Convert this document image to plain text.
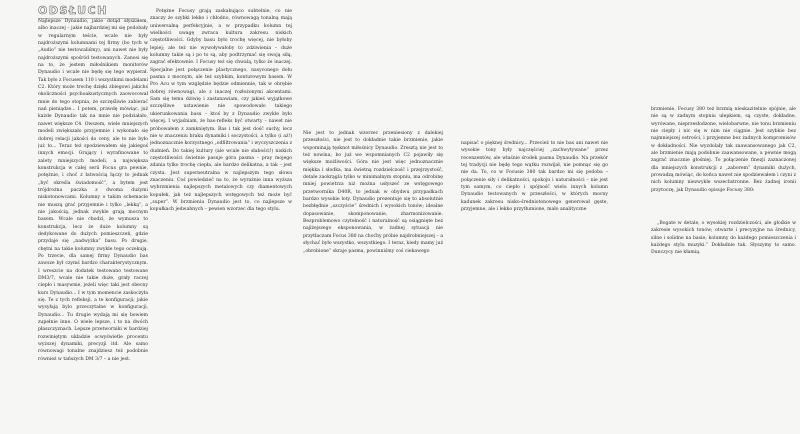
ODSŁUCH

Najlepsze Dynaudio, jakie dotąd słyszałem, albo inaczej – jakie najbardziej mi się podobały w regularnym teście, wcale nie były najdroższymi kolumnami tej firmy (bo tych w „Audio” nie testowaliśmy), ani nawet nie były najdroższymi spośród testowanych. Zanosi się na to, że jestem miłośnikiem monitorów Dynaudio i wcale nie będę się tego wypierał. Tak było z Focusem 110 i wszystkimi modelami C2. Który może trochę dzięki zbiegowi jakichś okoliczności psychoakustycznych zaowocował mnie do tego stopnia, że szczęśliwie zabierać nań pieniądze... I potem, prawdę mówiąc, już każde Dynaudio tak na mnie nie podziałało, nawet większe C4. Owszem, wiele mniejszych modeli zwiększało przyjemnie i wykonało się dobrej relacji jakości do ceny, ale to nie było już to... Teraz też spodziewałem się jakiegoś innych emocji. Grający i wyrafinowane to zalety mniejszych modeli, a największa konstrukcja w całej serii Focus gra pewnie, potężnie, i choć z łatwością łączy to jednak „być określa świadomość”, a bytem jest trójdrożna paczka z dwoma dużymi niskotonowcami. Kolumny o takim schemacie nie muszą grać przyjemnie i tylko „lekką”, a nie jakością, jednak zwykle grają mocnym basem. Wcale nie chodzi, że wymusza to konstrukcja, lecz że duże kolumny są dedykowane do dużych pomieszczeń, gdzie przydaje się „nadwyżka” basu. Po drugie, chętni na takie kolumny zwykle tego oczekują. Po trzecie, dla samej firmy Dynaudio bas zawsze był czymś bardzo charakterystycznym. I wreszcie na dodatek testowano testowane DM3/7, wcale nie takie duże, grały raczej ciepło i masywnie, jeżeli więc taki jest obecny kurs Dynaudio... I w tym momencie zaskoczyła się. Te z tych refleksji, a te konfiguracji; jakie wysyłają bylo przeczytalne w konfiguracji, Dynaudio... Tu drugie wydają mi się bowiem zupełnie inne. O wiele lepsze, i to na dwóch płaszczyznach. Lepsze przetworniki w bardziej rozwiniętym układzie ocwyświetle procentu wyższej dynamiki, precyzji itd. Ale samo równowagi tonalne znajdziesz też podobnie również w tańszych DM 3/7 – a nie jest.

Potężne Focusy grają zaskakująco subtelnie, co nie znaczy że szybki lekko i chłodno, równowagą tonalną mają uniwersalną perfekcyjnie, a w przypadku kolumn tej wielkości uwagę zwraca kultura zakresu niskich częstotliwości. Gdyby basu było trochę więcej, nie byłoby lepiej; ale też nie wywoływałoby to zdziwienia – duże kolumny takie są i po to są, aby podtrzymać się swoją siłą, zagrać efektownie. I Focusy też się chwalą, tylko że inaczej. Specjalne jest połączenie plastycznego, nasyconego dołu pasma z mocnym, ale też szybkim, konturowym basem. W Pro Acu w tym względzie będzie odmiennie, tak w obrębie dobrej równowagi, ale z inaczej rozłożonymi akcentami. Sam się temu dziwię i zastanawiam, czy jakieś wyjątkowe szczęśliwe ustawienie nie spowodowało takiego ukierunkowania basu – ktoś by z Dynaudio zwykle było więcej. I wyjaśniam, że bas-refleks być otwarty – nawet nie próbowałem z zamkniętym. Bas i tak jest dość suchy, lecz nie w znaczeniu braku dynamiki i soczystości, a tylko (i aż!) jednoznacznie korzystnego „odfiltrowania” i wyczyszczenia z dudnień. Do takiej kultury (ale wcale nie słabości!) niskich częstotliwości świetnie pasuje góra pasma – pray mojego zdania tylko trochę ciepła, ale bardzo delikatna, a tak – jest czysta. Jest superneutralna w najlepszym tego słowa znaczeniu. Coś powiedzieć na to, że wyrażnie inna wyższa wybrzmienia najlepszych metalowych czy diamentowych kopułek, jak też najlepszych wstęgowych też może być „super”. W brzmieniu Dynaudio jest to, co najlepsze w kopułkach jedwabnych – pewien wzorzec dla tego stylu.

Nie jest to jednak wzorzec przeniesiony z dalekiej przeszłości, nie jest to dokładnie takie brzmienie, jakie wspominają tęsknot miłośnicy Dynaudio. Zresztą nie jest to też nowina; bo już we wspomnianych C2 pojawiły się większe możliwości. Góra nie jest więc jednoznacznie miękka i słodka, ma świetną rozdzielczość i przejrzystość, detale zaokrągla tylko w minimalnym stopniu, ma odrobinę mniej powietrza niż można usłyszeć ze wstęgowego przetwornika D40R, to jednak w obydwu przypadkach bardzo wysokie loty. Dynaudio prezentuje się to absolutnie bezbłędnie „szczyście” średnich i wysokich tonów; idealne dopasowanie, skomponowanie, zharmonizowanie. Bezproblemowo czytelność i naturalność są osiągnięte bez najlżejszego eksponowania, w żadnej sytuacji nie przytłaczam Focus 380 na choćby próbie najdrobniejszej – a słychać było wszystko, wszystkiego. I teraz, kiedy mamy już „obrobione” skraje pasma, powinniśmy coś ciekawego

napisać o pięknej średnicy... Przecież to nie bas ani nawet nie wysokie tony były najczęściej „zachwytywane” przez recenzentów, ale właśnie środek pasma Dynaudio. Na przekór tej tradycji nie będę tego wątku rozwijał, nie pomnąc się go nie da. To, co w Focusie 380 tak bardzo mi się podoba – połączenie siły i delikatności, spokoju i naturalności – nie jest tym samym, co ciepło i spójność wielu innych kolumn Dynaudio testowanych w przeszłości, w których mocny kadunek zakresu nisko-średniotonowego generował gęste, przyjemne, ale i lekko przytłumione, mało analityczne

brzmienie. Focusy 380 też brzmią nieskazitelnie spójnie, ale nie są w żadnym stopniu ulepkiem, są czyste, dokładne, wyrówane, nieprzesłodzone, wielobarwne, nie tonu brzmieniu nie ciepły i nic się w nim nie ciągnie. Jest szybkie bez najmniejszej ostrości, i przyjemne bez żadnych kompromisów w dokładności. Nie wyzdolały tak zaawansowanego jak C2, ale brzmienie mają podobnie zaawansowane, a pewnie mogą zagrać znacznie głośniej. To połączenie finezji zaznaczonej dla mniejszych konstrukcji z „zaborem” dynamiki dużych, prowadzą mówiąc, do końca nawet nie spodziewałem i czyni z nich kolumny niezwykle wszechstronne. Bez żadnej ironii przytoczę, jak Dynaudio opisuje Focusy 380:

„Bogate w detale, o wysokiej rozdzielczości, ale głośkie w zakresie wysokich tonów; otwarte i precyzyjne na średnicy, silne i solidne na basie; kolumny do każdego pomieszczenia i każdego stylu muzyki.” Dokładnie tak. Słyszymy to samo. Dunczycy nie kłamią.
